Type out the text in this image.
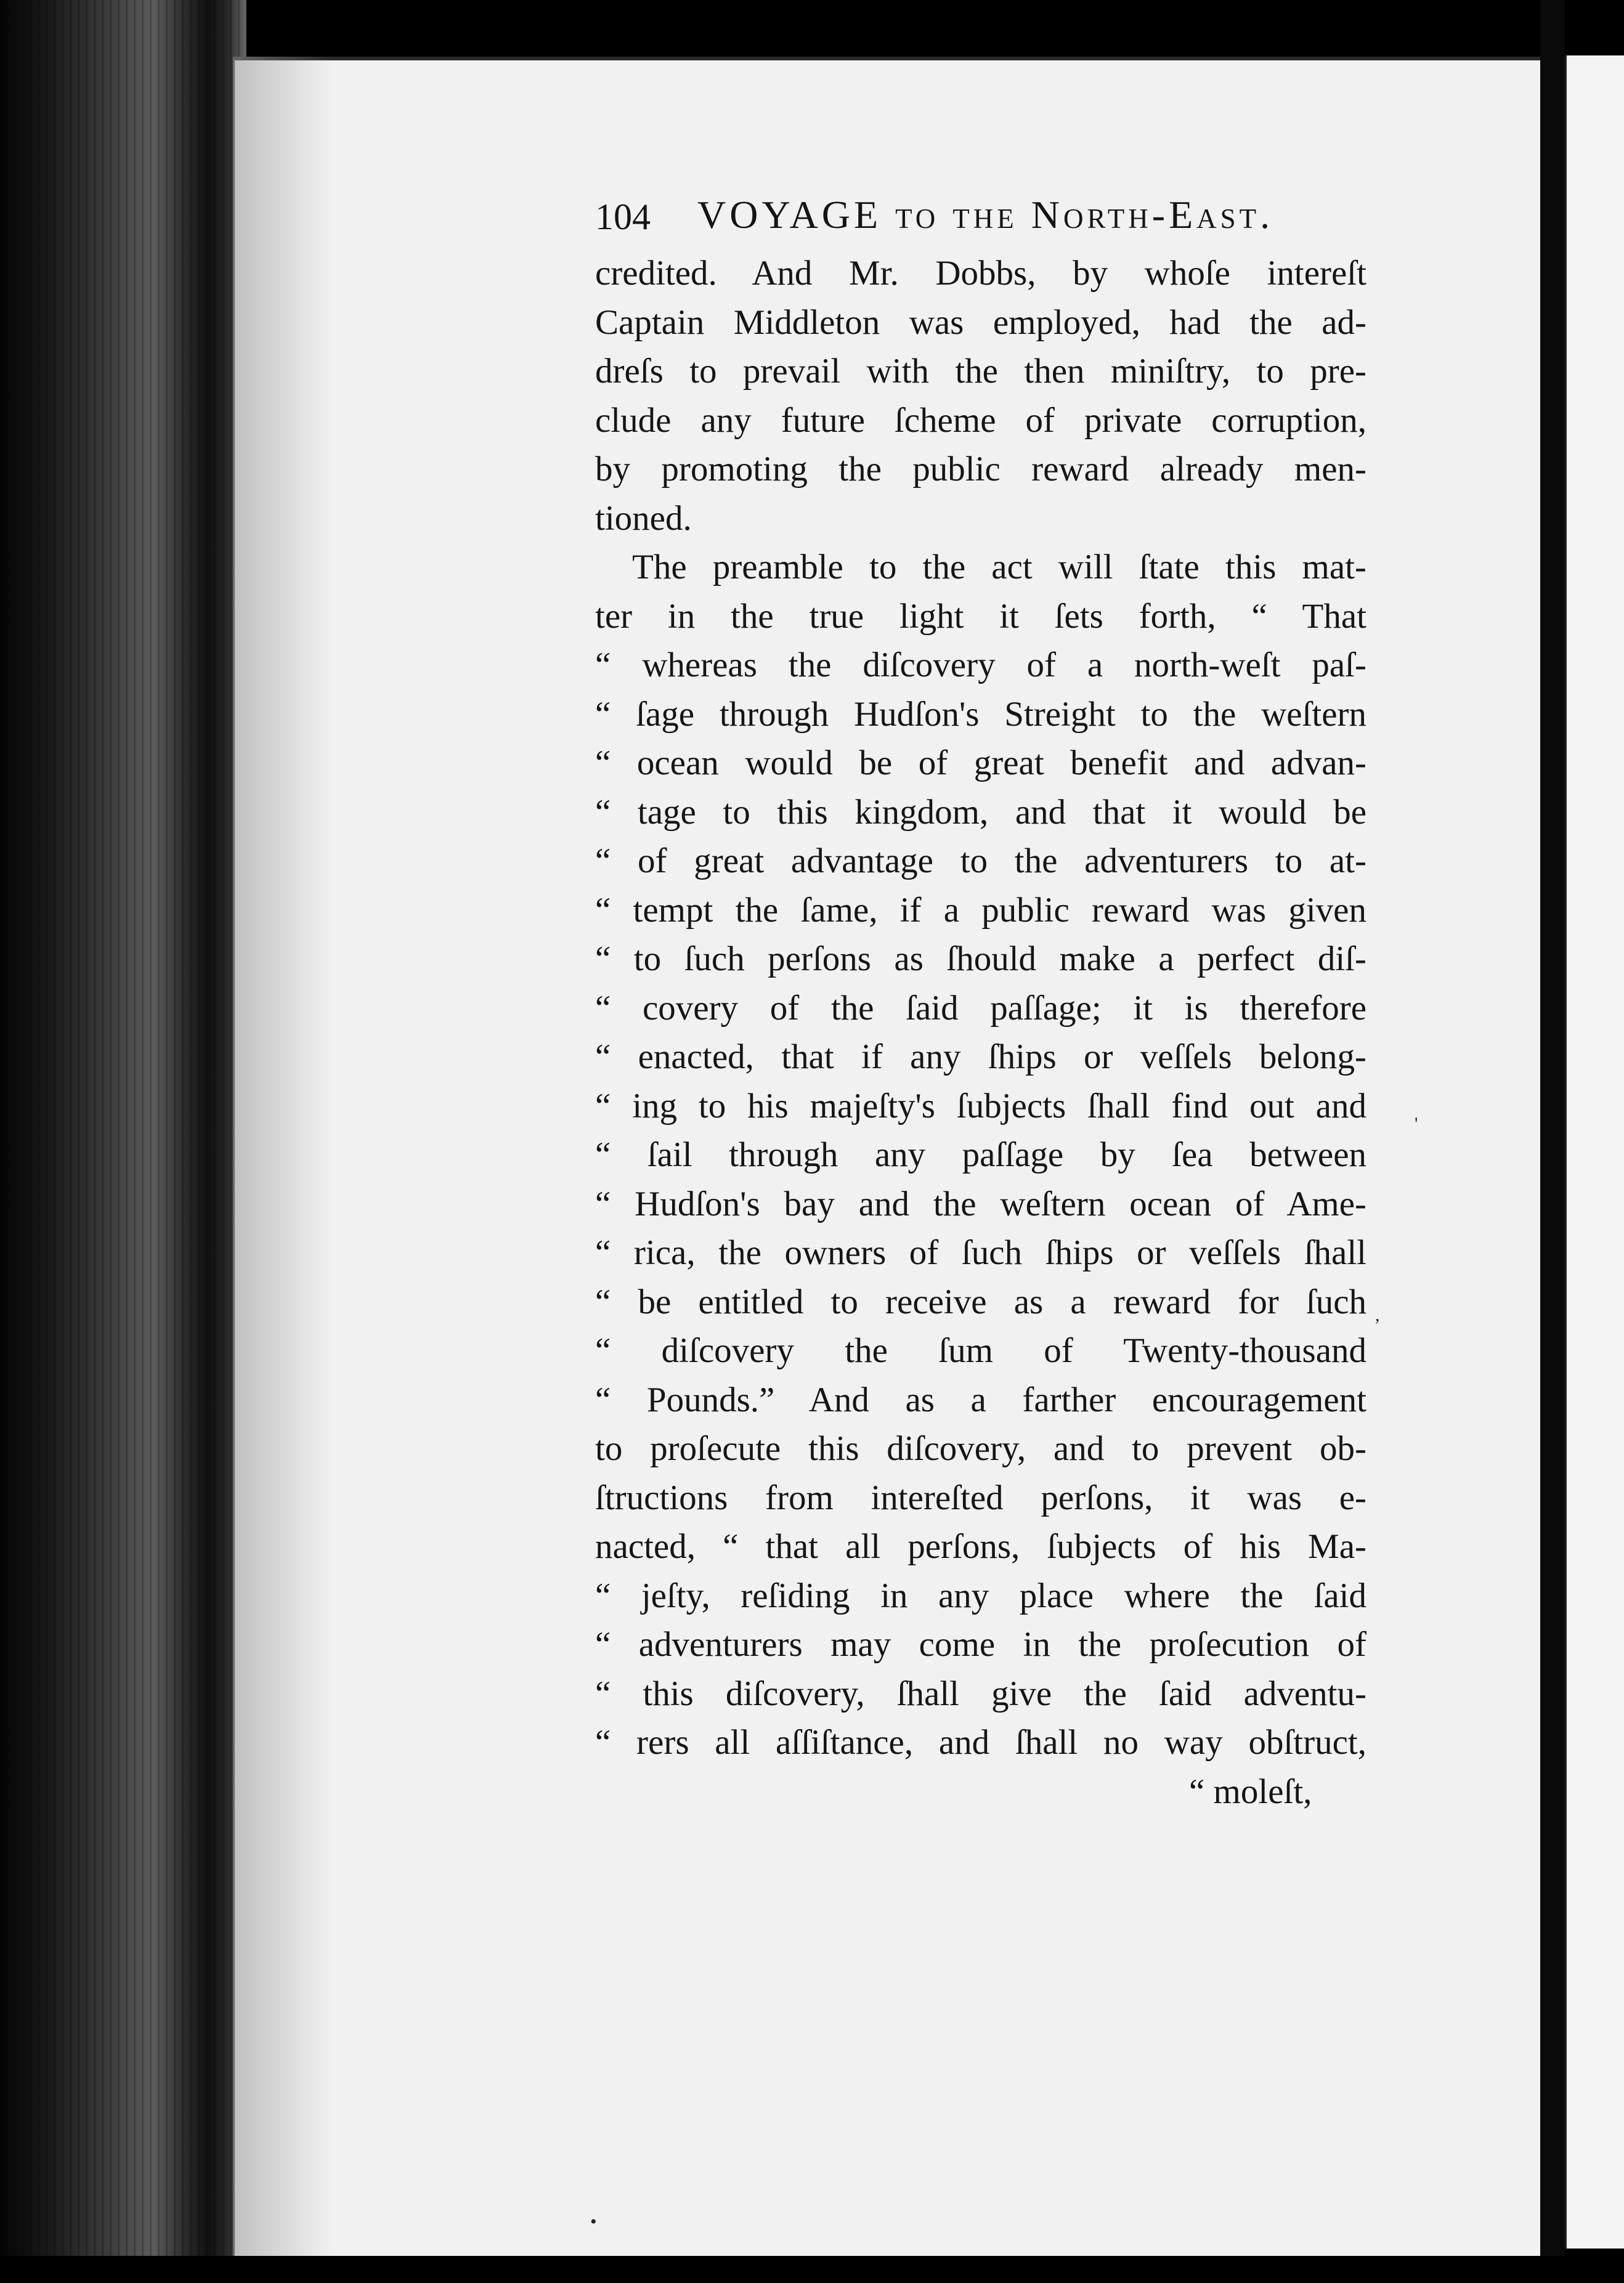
104 VOYAGE to the North-East.
credited. And Mr. Dobbs, by whoſe intereſt
Captain Middleton was employed, had the ad-
dreſs to prevail with the then miniſtry, to pre-
clude any future ſcheme of private corruption,
by promoting the public reward already men-
tioned.
The preamble to the act will ſtate this mat-
ter in the true light it ſets forth, “ That
“ whereas the diſcovery of a north-weſt paſ-
“ ſage through Hudſon's Streight to the weſtern
“ ocean would be of great benefit and advan-
“ tage to this kingdom, and that it would be
“ of great advantage to the adventurers to at-
“ tempt the ſame, if a public reward was given
“ to ſuch perſons as ſhould make a perfect diſ-
“ covery of the ſaid paſſage; it is therefore
“ enacted, that if any ſhips or veſſels belong-
“ ing to his majeſty's ſubjects ſhall find out and
“ ſail through any paſſage by ſea between
“ Hudſon's bay and the weſtern ocean of Ame-
“ rica, the owners of ſuch ſhips or veſſels ſhall
“ be entitled to receive as a reward for ſuch
“ diſcovery the ſum of Twenty-thousand
“ Pounds.” And as a farther encouragement
to proſecute this diſcovery, and to prevent ob-
ſtructions from intereſted perſons, it was e-
nacted, “ that all perſons, ſubjects of his Ma-
“ jeſty, reſiding in any place where the ſaid
“ adventurers may come in the proſecution of
“ this diſcovery, ſhall give the ſaid adventu-
“ rers all aſſiſtance, and ſhall no way obſtruct,
“ moleſt,
•
'
,
